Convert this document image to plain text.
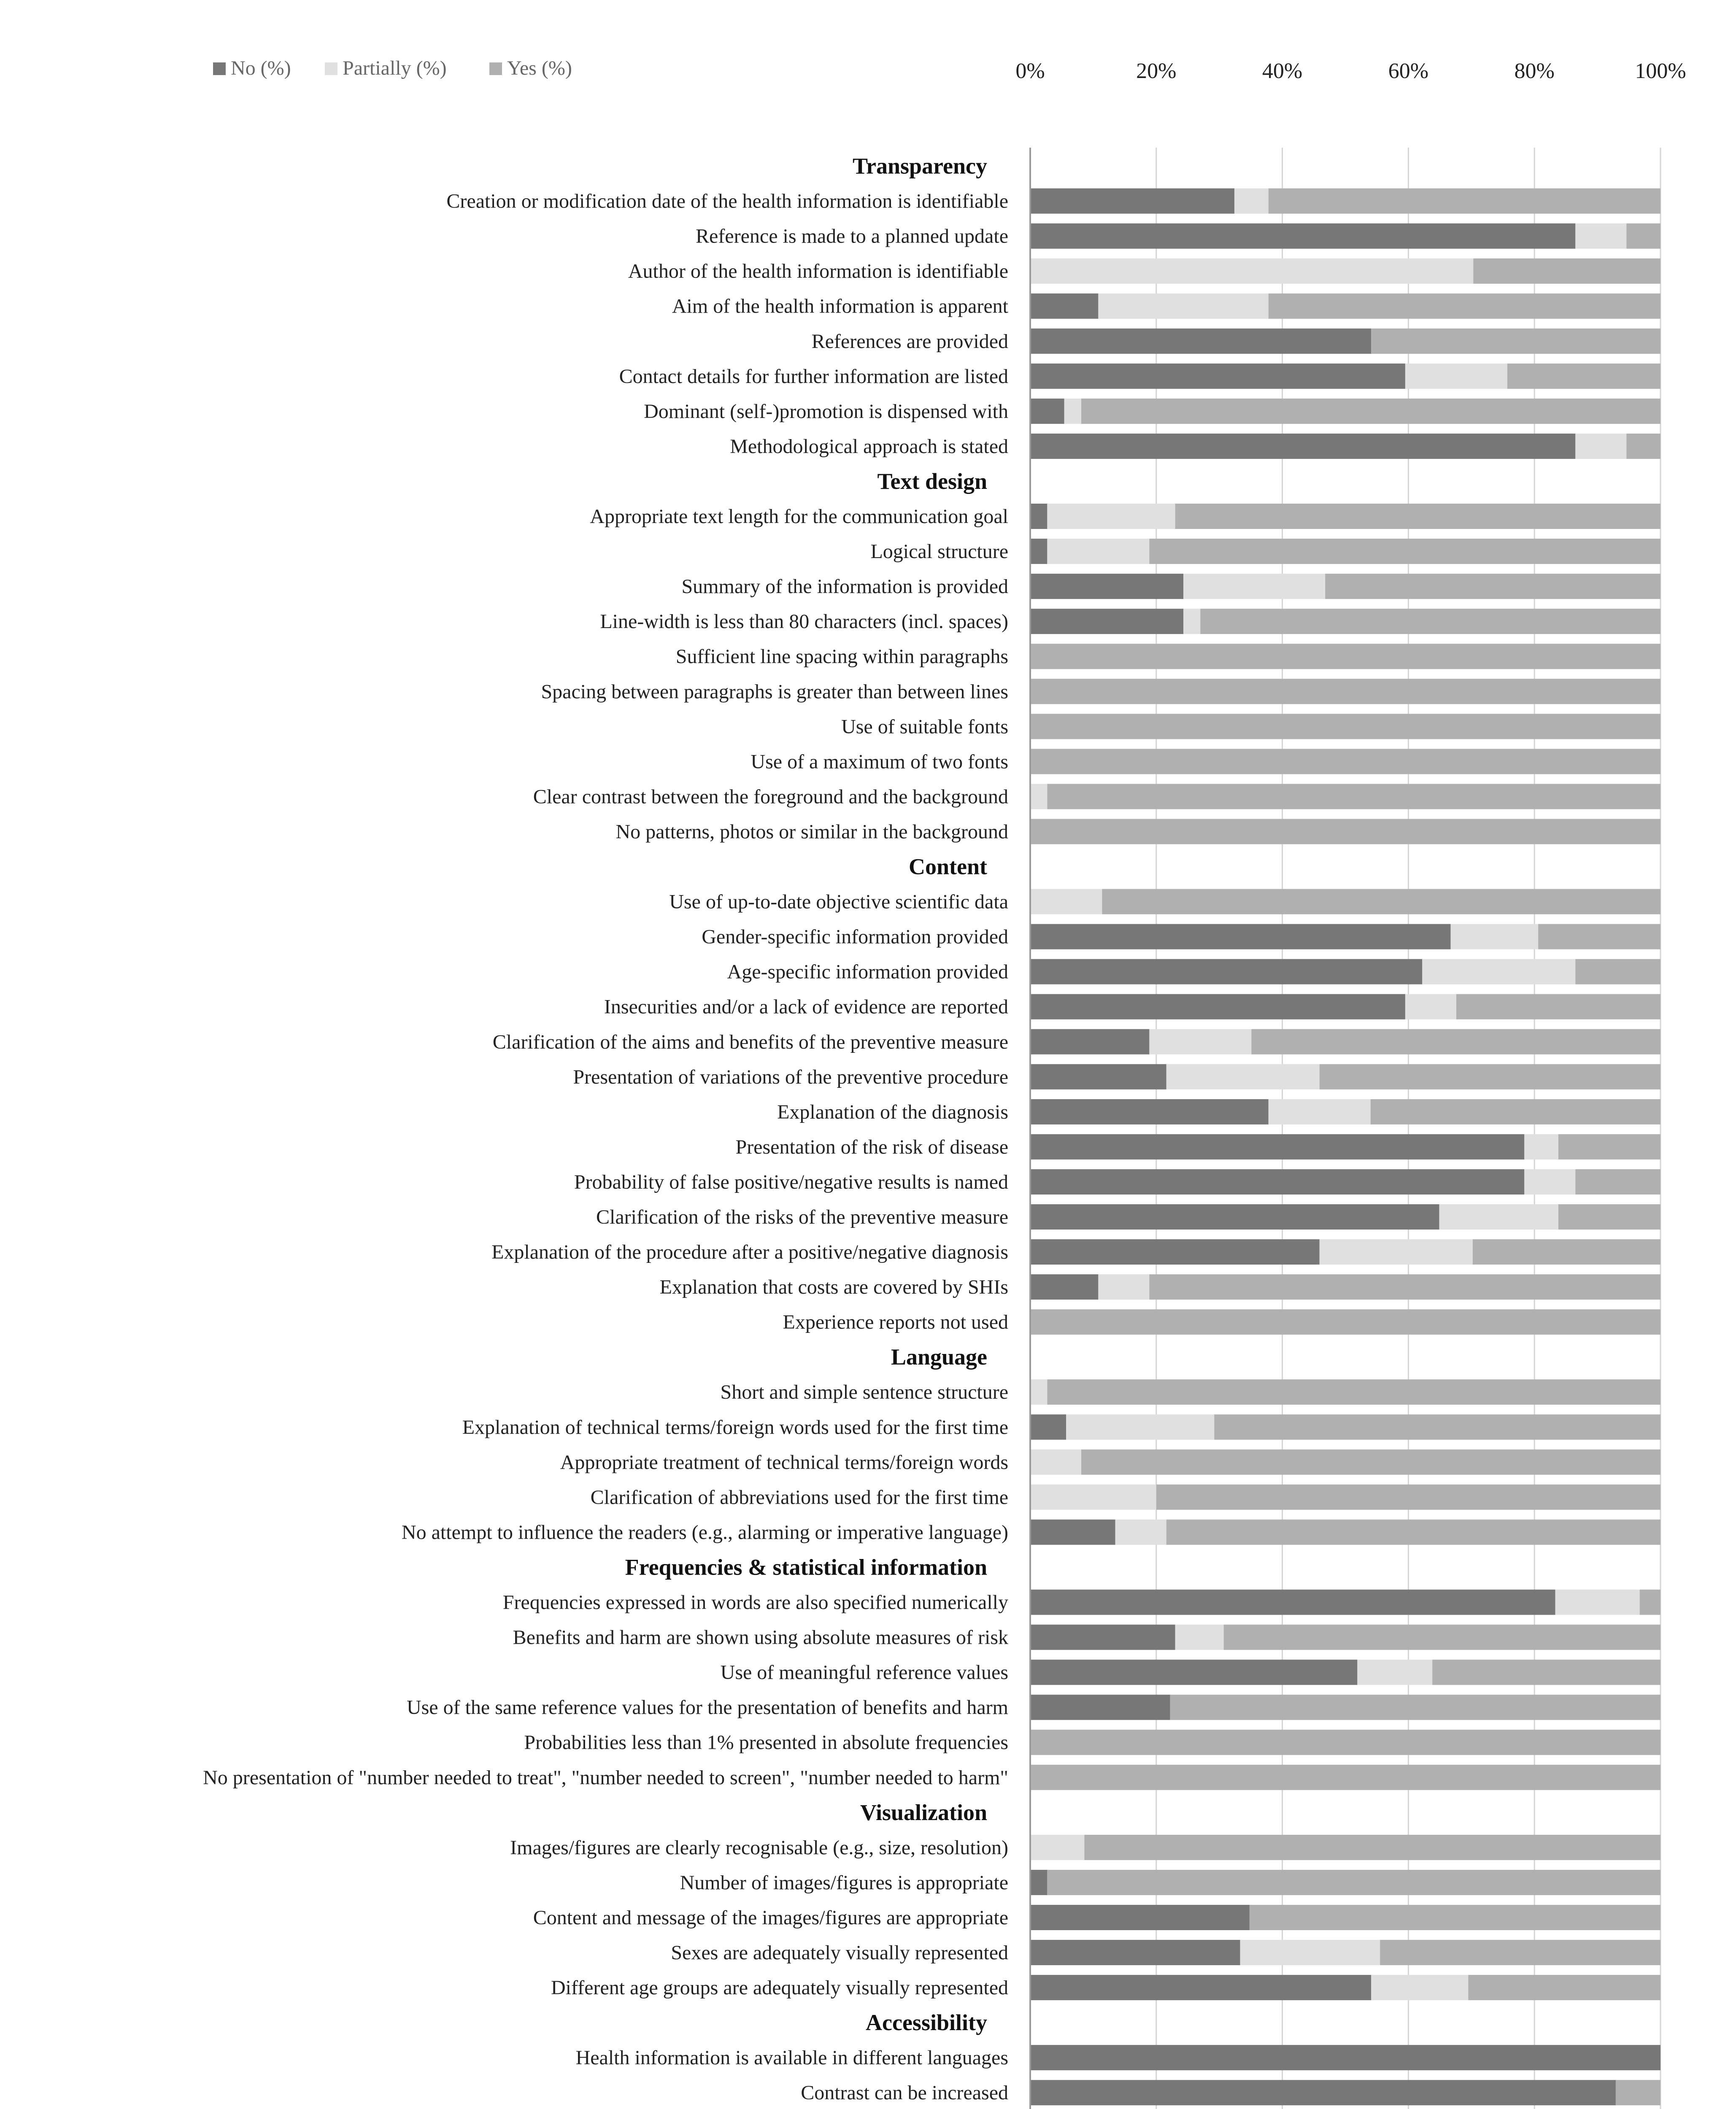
No (%)	Partially (%)	Yes (%)	0%	20%	40%	60%	80%	100%
Transparency
Creation or modification date of the health information is identifiable
Reference is made to a planned update
Author of the health information is identifiable
Aim of the health information is apparent
References are provided
Contact details for further information are listed
Dominant (self-)promotion is dispensed with
Methodological approach is stated
Text design
Appropriate text length for the communication goal
Logical structure
Summary of the information is provided
Line-width is less than 80 characters (incl. spaces)
Sufficient line spacing within paragraphs
Spacing between paragraphs is greater than between lines
Use of suitable fonts
Use of a maximum of two fonts
Clear contrast between the foreground and the background
No patterns, photos or similar in the background
Content
Use of up-to-date objective scientific data
Gender-specific information provided
Age-specific information provided
Insecurities and/or a lack of evidence are reported
Clarification of the aims and benefits of the preventive measure
Presentation of variations of the preventive procedure
Explanation of the diagnosis
Presentation of the risk of disease
Probability of false positive/negative results is named
Clarification of the risks of the preventive measure
Explanation of the procedure after a positive/negative diagnosis
Explanation that costs are covered by SHIs
Experience reports not used
Language
Short and simple sentence structure
Explanation of technical terms/foreign words used for the first time
Appropriate treatment of technical terms/foreign words
Clarification of abbreviations used for the first time
No attempt to influence the readers (e.g., alarming or imperative language)
Frequencies & statistical information
Frequencies expressed in words are also specified numerically
Benefits and harm are shown using absolute measures of risk
Use of meaningful reference values
Use of the same reference values for the presentation of benefits and harm
Probabilities less than 1% presented in absolute frequencies
No presentation of "number needed to treat", "number needed to screen", "number needed to harm"
Visualization
Images/figures are clearly recognisable (e.g., size, resolution)
Number of images/figures is appropriate
Content and message of the images/figures are appropriate
Sexes are adequately visually represented
Different age groups are adequately visually represented
Accessibility
Health information is available in different languages
Contrast can be increased
